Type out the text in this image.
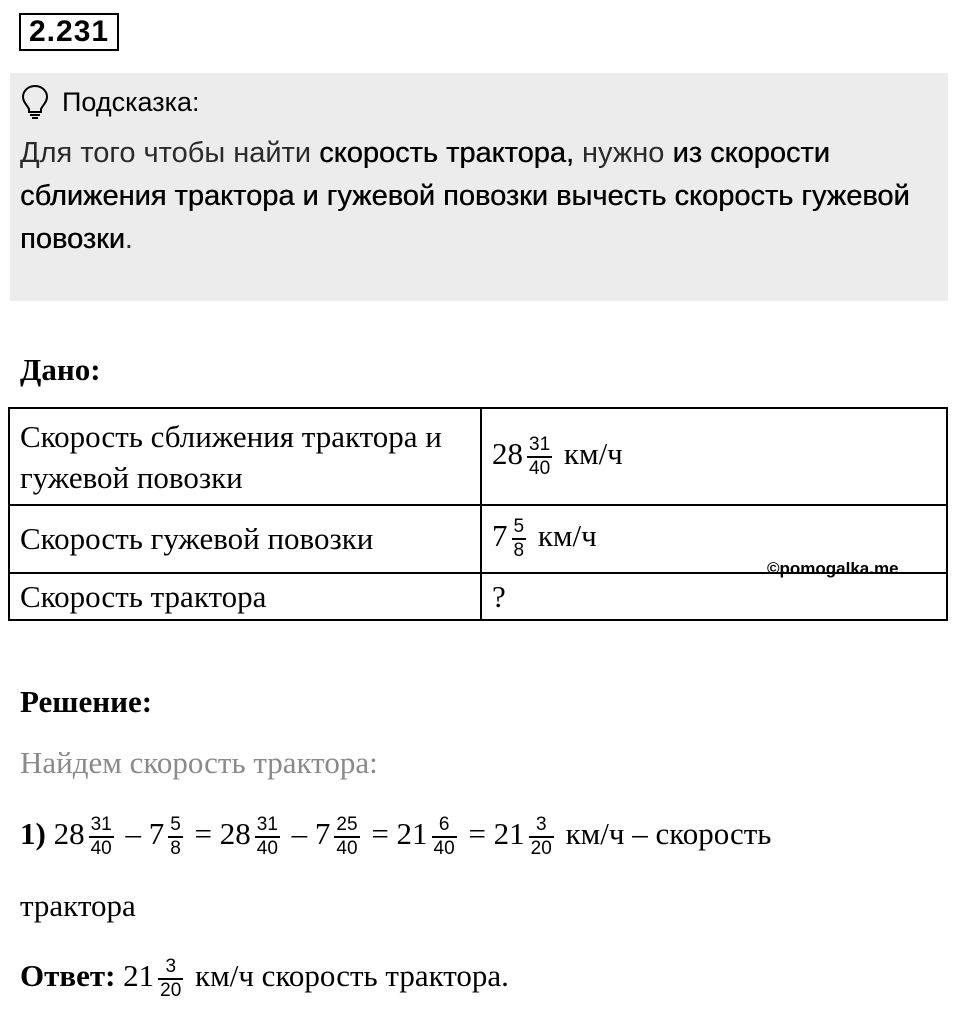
2.231
Подсказка:
Для того чтобы найти скорость трактора, нужно из скорости сближения трактора и гужевой повозки вычесть скорость гужевой повозки.
Дано:
Скорость сближения трактора и гужевой повозки	$28 \frac{31}{40} км/ч$
Скорость гужевой повозки	$7 \frac{5}{8} км/ч$
Скорость трактора	?
©pomogalka.me
Решение:
Найдем скорость трактора:
1) $28 \frac{31}{40} - 7 \frac{5}{8} = 28 \frac{31}{40} - 7 \frac{25}{40} = 21 \frac{6}{40} = 21 \frac{3}{20} км/ч$ – скорость
трактора
Ответ: $21 \frac{3}{20} км/ч$ скорость трактора.
